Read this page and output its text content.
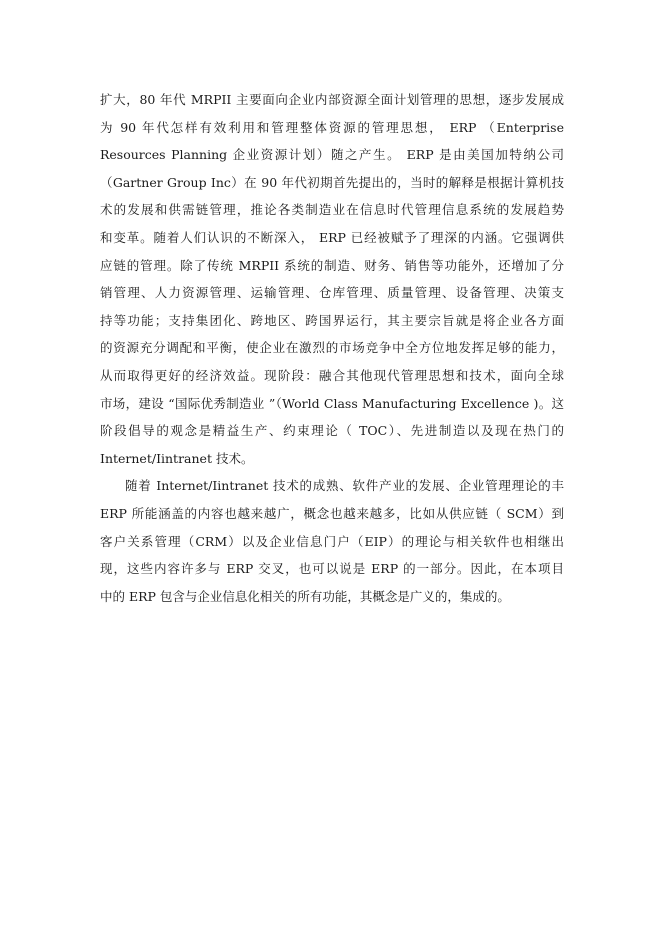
扩大，80 年代 MRPII 主要面向企业内部资源全面计划管理的思想，逐步发展成
为 90 年代怎样有效利用和管理整体资源的管理思想， ERP （Enterprise
Resources Planning 企业资源计划）随之产生。 ERP 是由美国加特纳公司
（Gartner Group Inc）在 90 年代初期首先提出的，当时的解释是根据计算机技
术的发展和供需链管理，推论各类制造业在信息时代管理信息系统的发展趋势
和变革。随着人们认识的不断深入， ERP 已经被赋予了理深的内涵。它强调供
应链的管理。除了传统 MRPII 系统的制造、财务、销售等功能外，还增加了分
销管理、人力资源管理、运输管理、仓库管理、质量管理、设备管理、决策支
持等功能；支持集团化、跨地区、跨国界运行，其主要宗旨就是将企业各方面
的资源充分调配和平衡，使企业在激烈的市场竞争中全方位地发挥足够的能力，
从而取得更好的经济效益。现阶段：融合其他现代管理思想和技术，面向全球
市场，建设 “国际优秀制造业 ”（World Class Manufacturing Excellence )。这
阶段倡导的观念是精益生产、约束理论（ TOC）、先进制造以及现在热门的
Internet/Iintranet 技术。
随着 Internet/Iintranet 技术的成熟、软件产业的发展、企业管理理论的丰
ERP 所能涵盖的内容也越来越广，概念也越来越多，比如从供应链（ SCM）到
客户关系管理（CRM）以及企业信息门户（EIP）的理论与相关软件也相继出
现，这些内容许多与 ERP 交叉，也可以说是 ERP 的一部分。因此，在本项目
中的 ERP 包含与企业信息化相关的所有功能，其概念是广义的，集成的。
